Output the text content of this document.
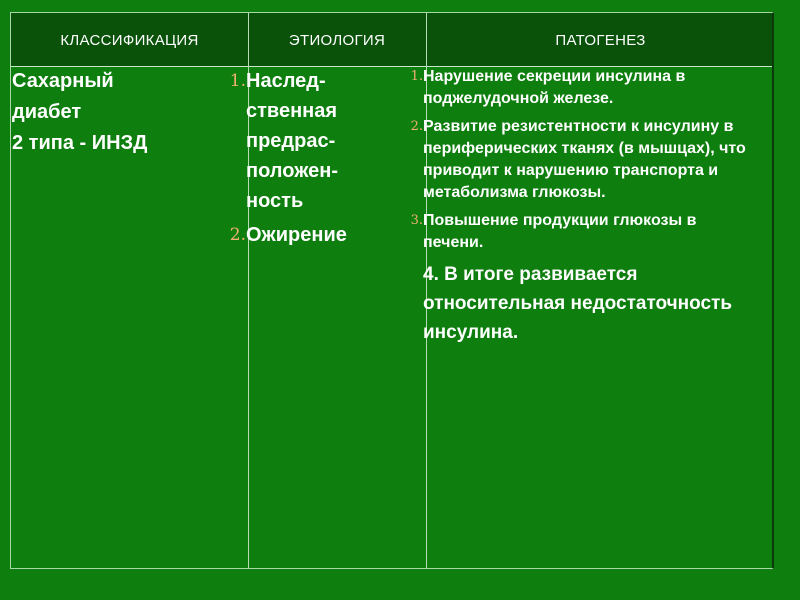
КЛАССИФИКАЦИЯ	ЭТИОЛОГИЯ	ПАТОГЕНЕЗ
Сахарный
диабет
2 типа - ИНЗД
1. Наслед-
ственная
предрас-
положен-
ность
2. Ожирение
1. Нарушение секреции инсулина в поджелудочной железе.
2. Развитие резистентности к инсулину в периферических тканях (в мышцах), что приводит к нарушению транспорта и метаболизма глюкозы.
3. Повышение продукции глюкозы в печени.
4. В итоге развивается относительная недостаточность инсулина.
